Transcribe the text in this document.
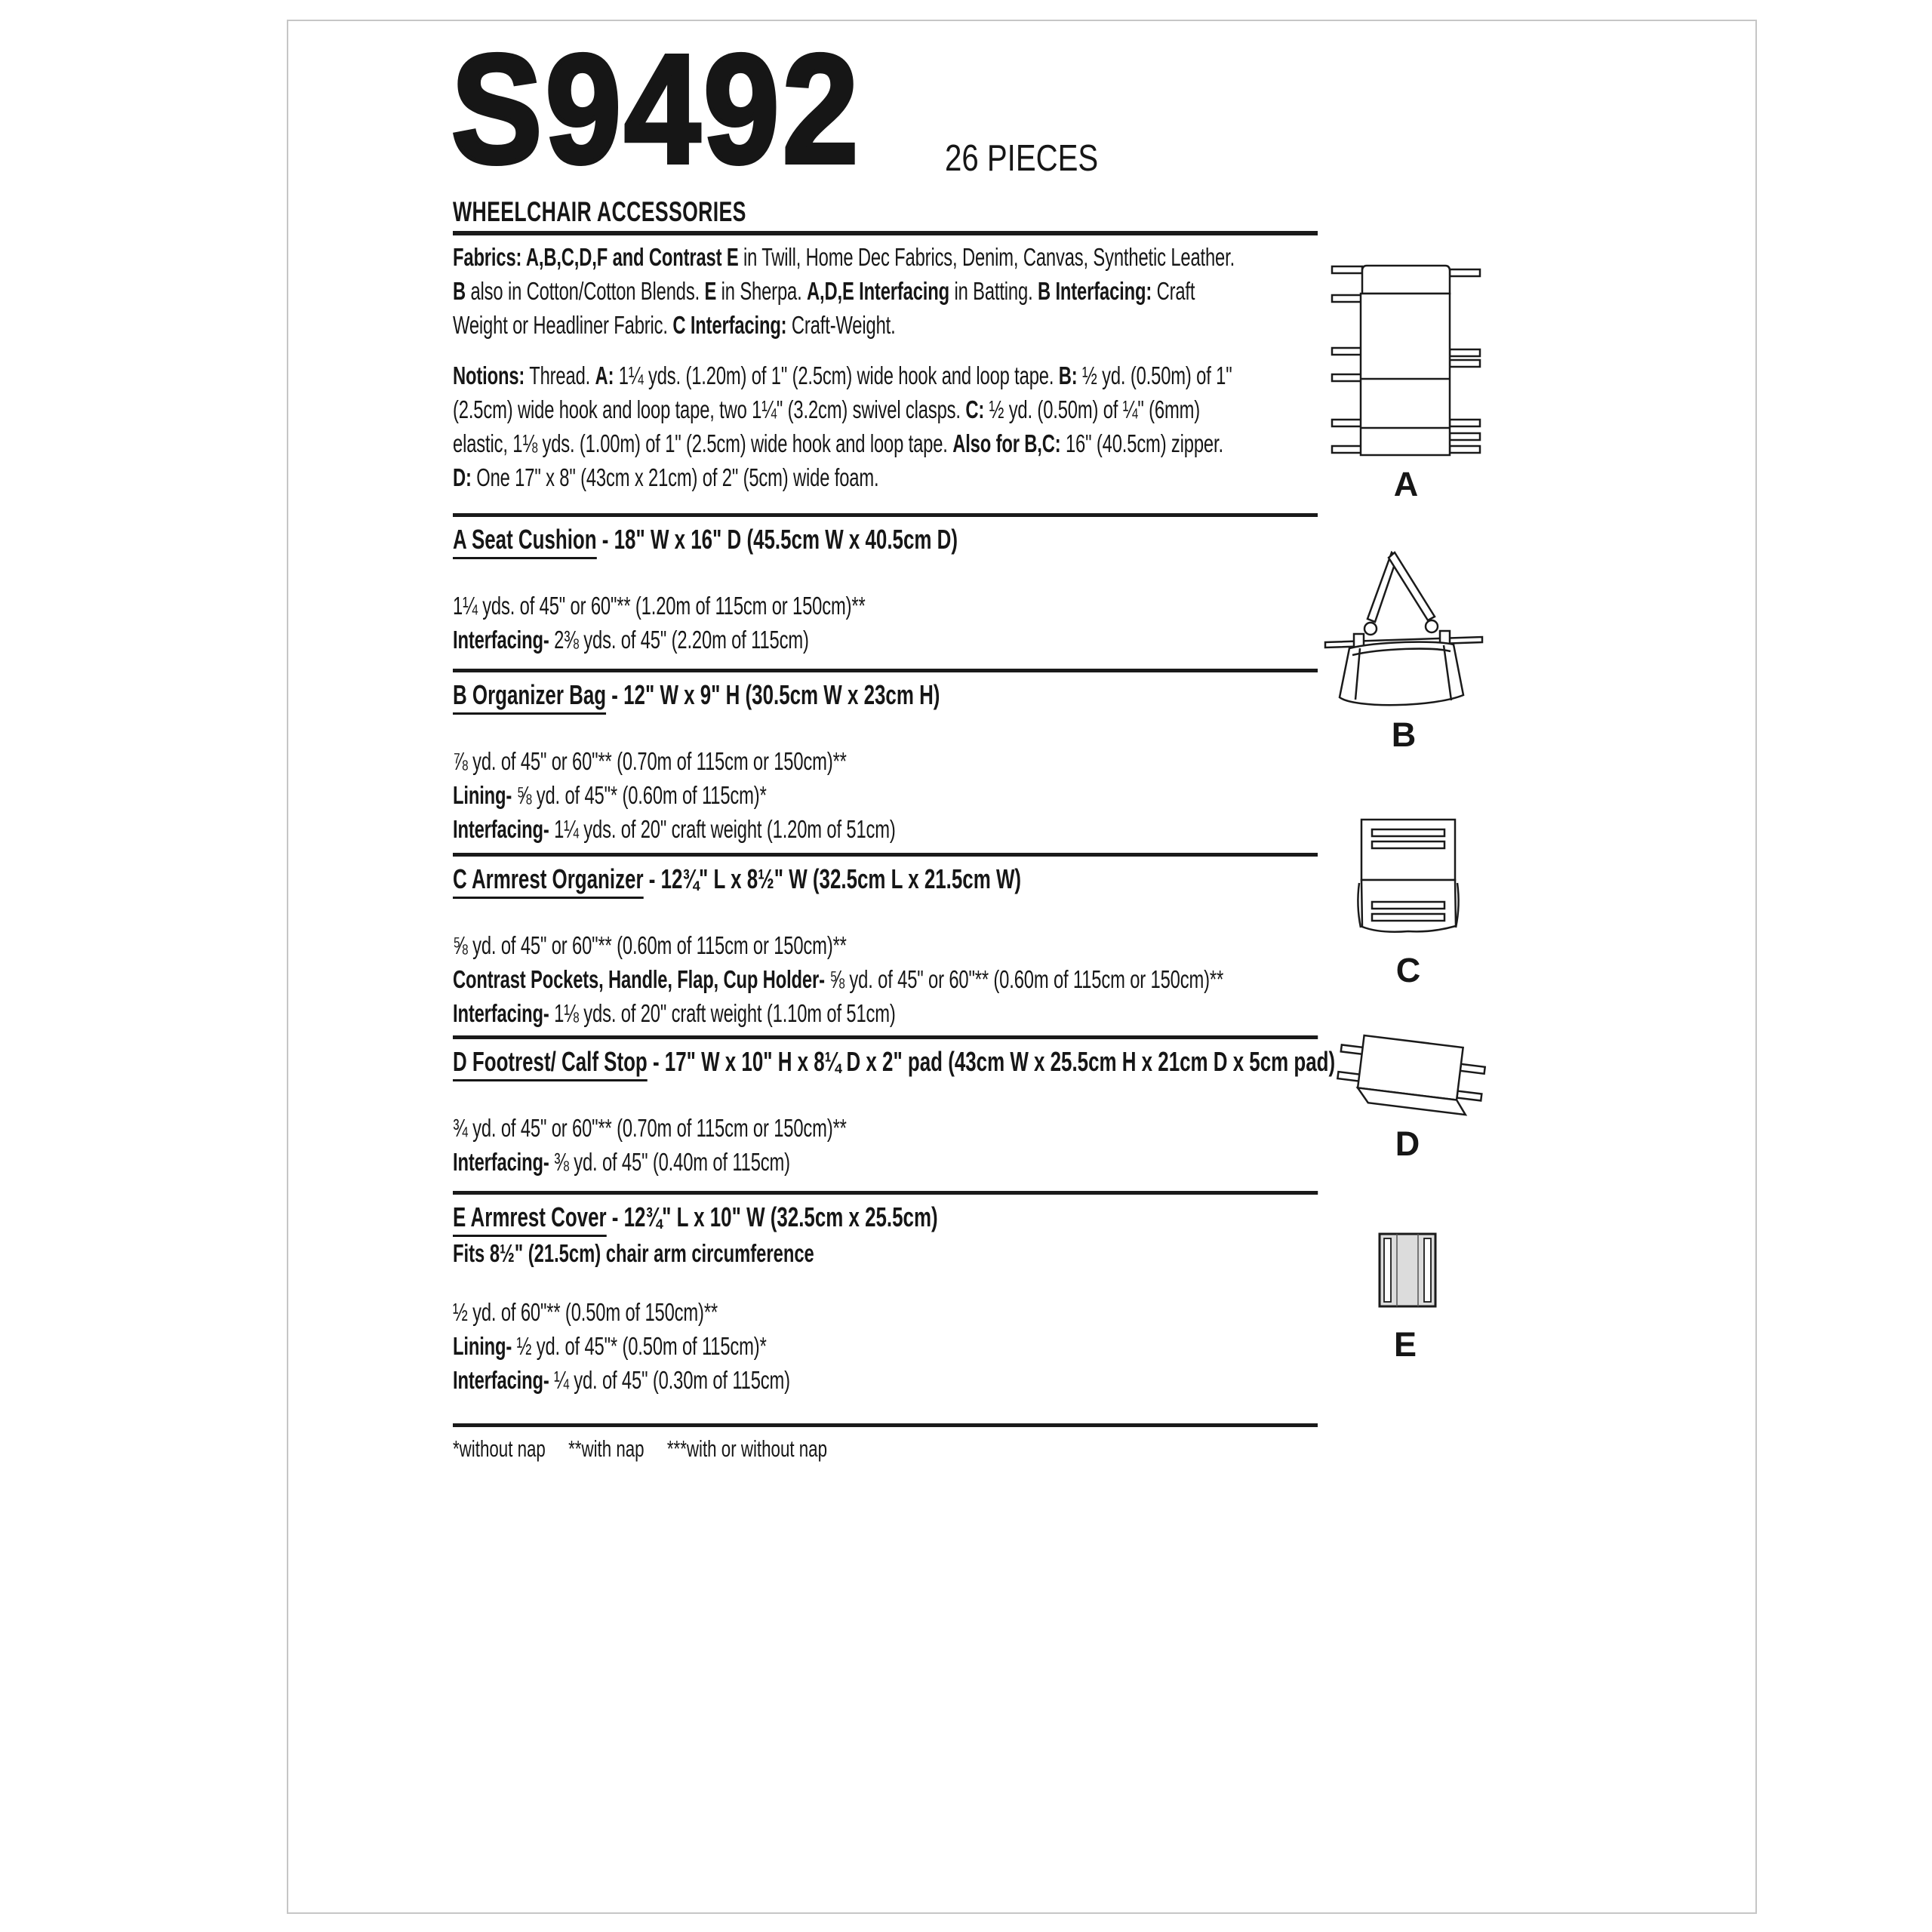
S9492 26 PIECES
WHEELCHAIR ACCESSORIES
Fabrics: A,B,C,D,F and Contrast E in Twill, Home Dec Fabrics, Denim, Canvas, Synthetic Leather.
B also in Cotton/Cotton Blends. E in Sherpa. A,D,E Interfacing in Batting. B Interfacing: Craft
Weight or Headliner Fabric. C Interfacing: Craft-Weight.
Notions: Thread. A: 1¼ yds. (1.20m) of 1" (2.5cm) wide hook and loop tape. B: ½ yd. (0.50m) of 1"
(2.5cm) wide hook and loop tape, two 1¼" (3.2cm) swivel clasps. C: ½ yd. (0.50m) of ¼" (6mm)
elastic, 1⅛ yds. (1.00m) of 1" (2.5cm) wide hook and loop tape. Also for B,C: 16" (40.5cm) zipper.
D: One 17" x 8" (43cm x 21cm) of 2" (5cm) wide foam.
A Seat Cushion - 18" W x 16" D (45.5cm W x 40.5cm D)
1¼ yds. of 45" or 60"** (1.20m of 115cm or 150cm)**
Interfacing- 2⅜ yds. of 45" (2.20m of 115cm)
B Organizer Bag - 12" W x 9" H (30.5cm W x 23cm H)
⅞ yd. of 45" or 60"** (0.70m of 115cm or 150cm)**
Lining- ⅝ yd. of 45"* (0.60m of 115cm)*
Interfacing- 1¼ yds. of 20" craft weight (1.20m of 51cm)
C Armrest Organizer - 12¾" L x 8½" W (32.5cm L x 21.5cm W)
⅝ yd. of 45" or 60"** (0.60m of 115cm or 150cm)**
Contrast Pockets, Handle, Flap, Cup Holder- ⅝ yd. of 45" or 60"** (0.60m of 115cm or 150cm)**
Interfacing- 1⅛ yds. of 20" craft weight (1.10m of 51cm)
D Footrest/ Calf Stop - 17" W x 10" H x 8¼ D x 2" pad (43cm W x 25.5cm H x 21cm D x 5cm pad)
¾ yd. of 45" or 60"** (0.70m of 115cm or 150cm)**
Interfacing- ⅜ yd. of 45" (0.40m of 115cm)
E Armrest Cover - 12¾" L x 10" W (32.5cm x 25.5cm)
Fits 8½" (21.5cm) chair arm circumference
½ yd. of 60"** (0.50m of 150cm)**
Lining- ½ yd. of 45"* (0.50m of 115cm)*
Interfacing- ¼ yd. of 45" (0.30m of 115cm)
*without nap **with nap ***with or without nap
A
B
C
D
E
